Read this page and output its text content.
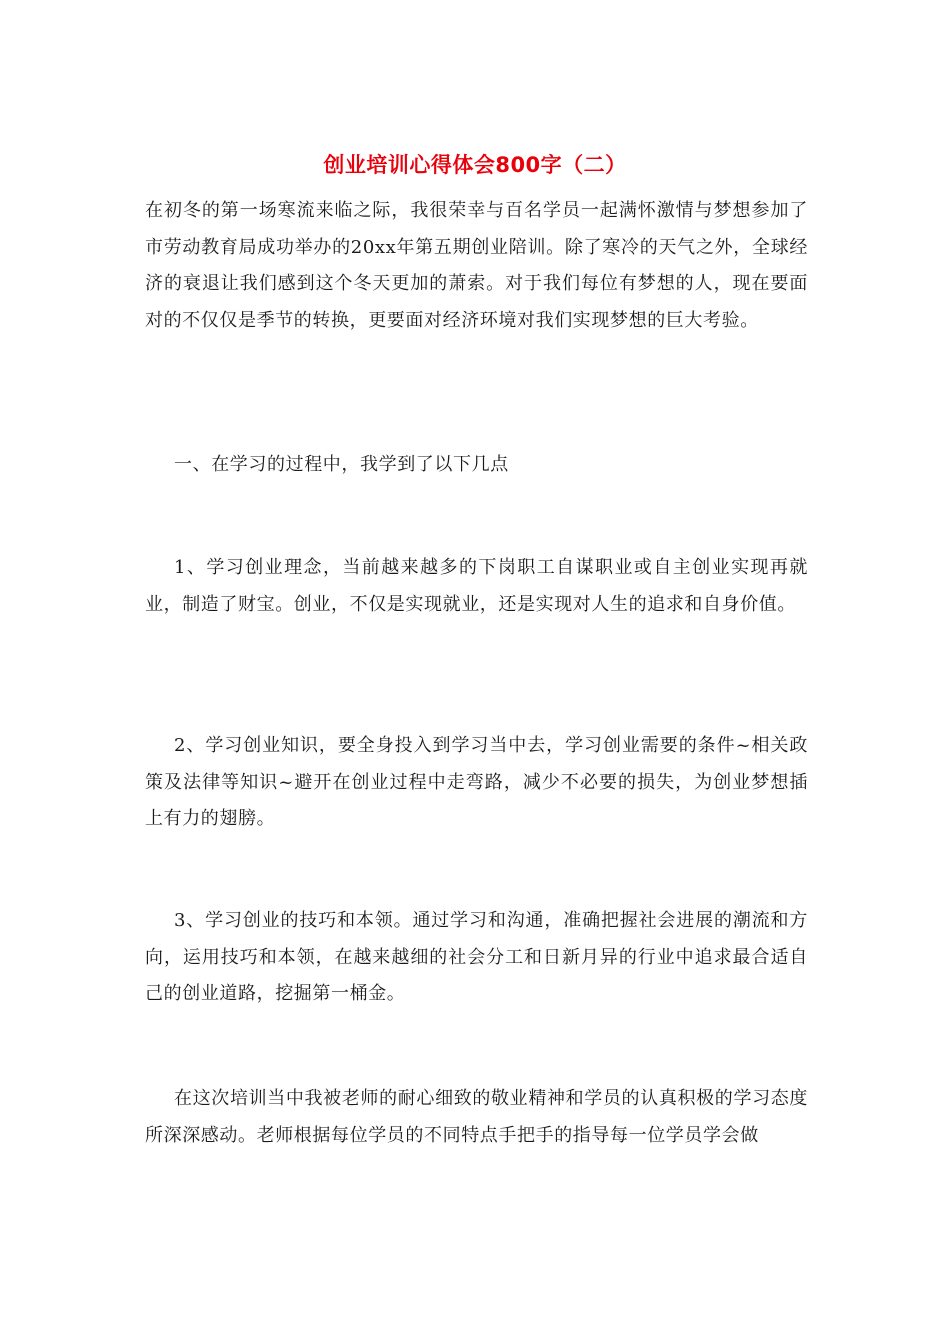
创业培训心得体会800字（二）

在初冬的第一场寒流来临之际，我很荣幸与百名学员一起满怀激情与梦想参加了市劳动教育局成功举办的20xx年第五期创业陪训。除了寒冷的天气之外，全球经济的衰退让我们感到这个冬天更加的萧索。对于我们每位有梦想的人，现在要面对的不仅仅是季节的转换，更要面对经济环境对我们实现梦想的巨大考验。

一、在学习的过程中，我学到了以下几点

1、学习创业理念，当前越来越多的下岗职工自谋职业或自主创业实现再就业，制造了财宝。创业，不仅是实现就业，还是实现对人生的追求和自身价值。

2、学习创业知识，要全身投入到学习当中去，学习创业需要的条件~相关政策及法律等知识~避开在创业过程中走弯路，减少不必要的损失，为创业梦想插上有力的翅膀。

3、学习创业的技巧和本领。通过学习和沟通，准确把握社会进展的潮流和方向，运用技巧和本领，在越来越细的社会分工和日新月异的行业中追求最合适自己的创业道路，挖掘第一桶金。

在这次培训当中我被老师的耐心细致的敬业精神和学员的认真积极的学习态度所深深感动。老师根据每位学员的不同特点手把手的指导每一位学员学会做
